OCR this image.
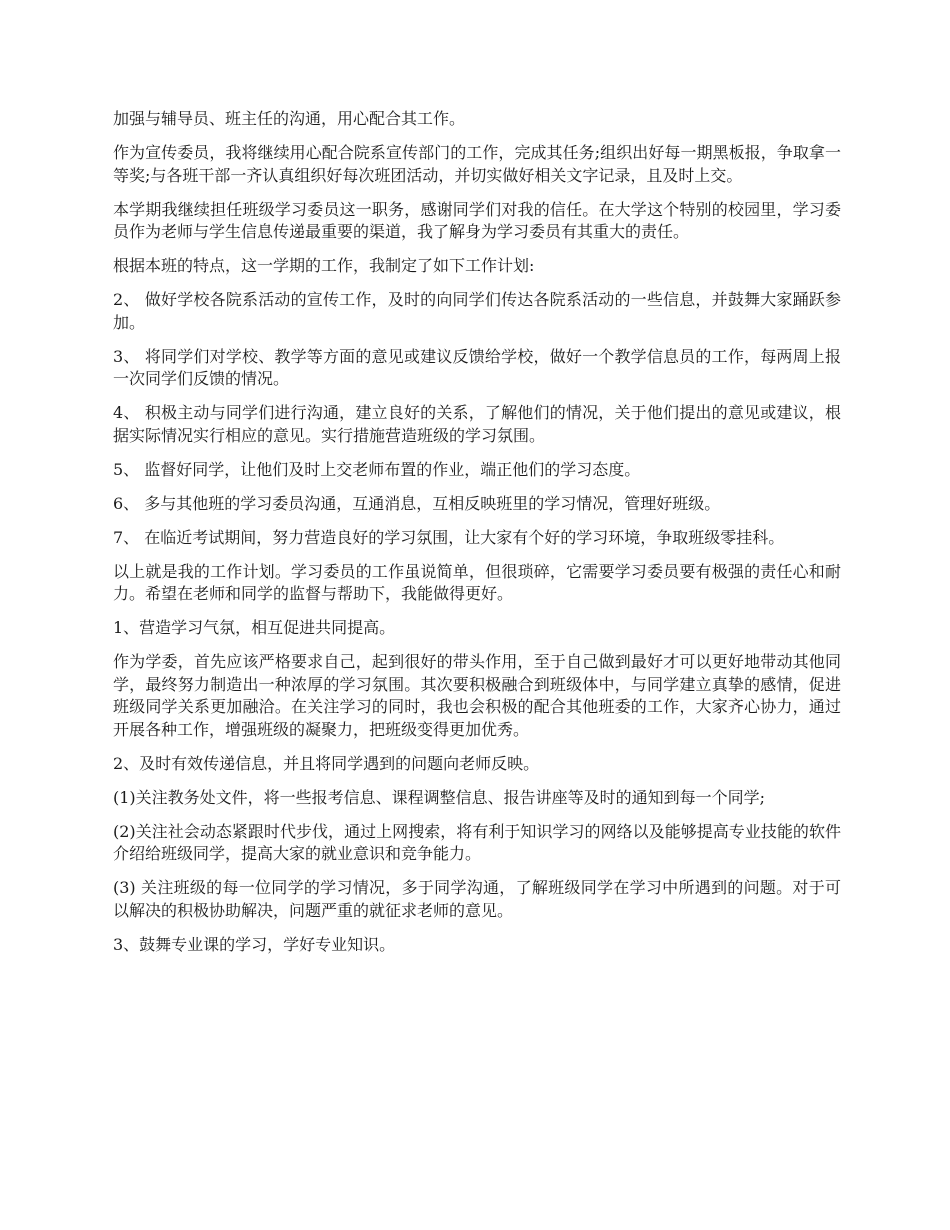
加强与辅导员、班主任的沟通，用心配合其工作。

作为宣传委员，我将继续用心配合院系宣传部门的工作，完成其任务;组织出好每一期黑板报，争取拿一等奖;与各班干部一齐认真组织好每次班团活动，并切实做好相关文字记录，且及时上交。

本学期我继续担任班级学习委员这一职务，感谢同学们对我的信任。在大学这个特别的校园里，学习委员作为老师与学生信息传递最重要的渠道，我了解身为学习委员有其重大的责任。

根据本班的特点，这一学期的工作，我制定了如下工作计划:

2、 做好学校各院系活动的宣传工作，及时的向同学们传达各院系活动的一些信息，并鼓舞大家踊跃参加。

3、 将同学们对学校、教学等方面的意见或建议反馈给学校，做好一个教学信息员的工作，每两周上报一次同学们反馈的情况。

4、 积极主动与同学们进行沟通，建立良好的关系，了解他们的情况，关于他们提出的意见或建议，根据实际情况实行相应的意见。实行措施营造班级的学习氛围。

5、 监督好同学，让他们及时上交老师布置的作业，端正他们的学习态度。

6、 多与其他班的学习委员沟通，互通消息，互相反映班里的学习情况，管理好班级。

7、 在临近考试期间，努力营造良好的学习氛围，让大家有个好的学习环境，争取班级零挂科。

以上就是我的工作计划。学习委员的工作虽说简单，但很琐碎，它需要学习委员要有极强的责任心和耐力。希望在老师和同学的监督与帮助下，我能做得更好。

1、营造学习气氛，相互促进共同提高。

作为学委，首先应该严格要求自己，起到很好的带头作用，至于自己做到最好才可以更好地带动其他同学，最终努力制造出一种浓厚的学习氛围。其次要积极融合到班级体中，与同学建立真挚的感情，促进班级同学关系更加融洽。在关注学习的同时，我也会积极的配合其他班委的工作，大家齐心协力，通过开展各种工作，增强班级的凝聚力，把班级变得更加优秀。

2、及时有效传递信息，并且将同学遇到的问题向老师反映。

(1)关注教务处文件，将一些报考信息、课程调整信息、报告讲座等及时的通知到每一个同学;

(2)关注社会动态紧跟时代步伐，通过上网搜索，将有利于知识学习的网络以及能够提高专业技能的软件介绍给班级同学，提高大家的就业意识和竞争能力。

(3) 关注班级的每一位同学的学习情况，多于同学沟通，了解班级同学在学习中所遇到的问题。对于可以解决的积极协助解决，问题严重的就征求老师的意见。

3、鼓舞专业课的学习，学好专业知识。
